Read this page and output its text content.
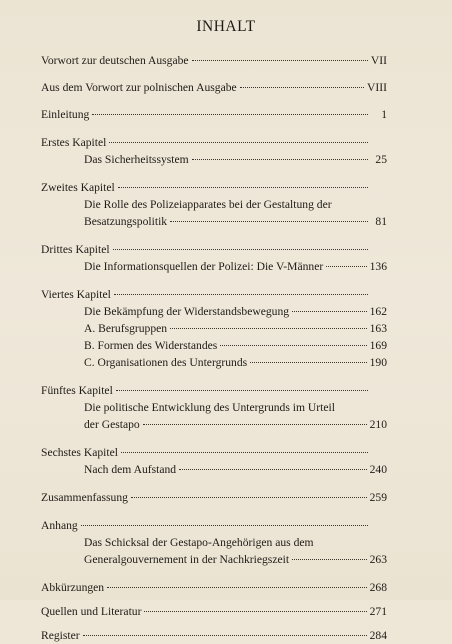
INHALT
Vorwort zur deutschen Ausgabe	VII
Aus dem Vorwort zur polnischen Ausgabe	VIII
Einleitung	1
Erstes Kapitel
Das Sicherheitssystem	25
Zweites Kapitel
Die Rolle des Polizeiapparates bei der Gestaltung der
Besatzungspolitik	81
Drittes Kapitel
Die Informationsquellen der Polizei: Die V-Männer	136
Viertes Kapitel
Die Bekämpfung der Widerstandsbewegung	162
A. Berufsgruppen	163
B. Formen des Widerstandes	169
C. Organisationen des Untergrunds	190
Fünftes Kapitel
Die politische Entwicklung des Untergrunds im Urteil
der Gestapo	210
Sechstes Kapitel
Nach dem Aufstand	240
Zusammenfassung	259
Anhang
Das Schicksal der Gestapo-Angehörigen aus dem
Generalgouvernement in der Nachkriegszeit	263
Abkürzungen	268
Quellen und Literatur	271
Register	284
